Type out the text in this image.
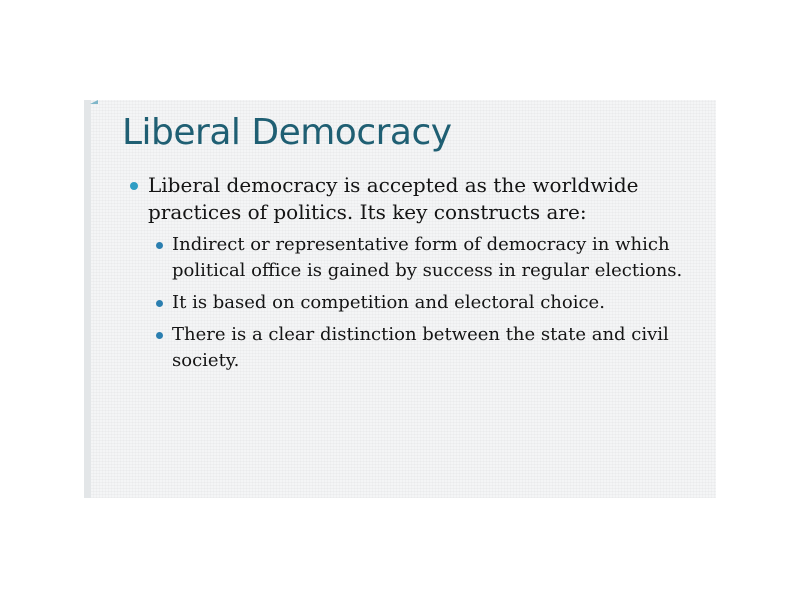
Liberal Democracy
Liberal democracy is accepted as the worldwide practices of politics. Its key constructs are:
Indirect or representative form of democracy in which political office is gained by success in regular elections.
It is based on competition and electoral choice.
There is a clear distinction between the state and civil society.
